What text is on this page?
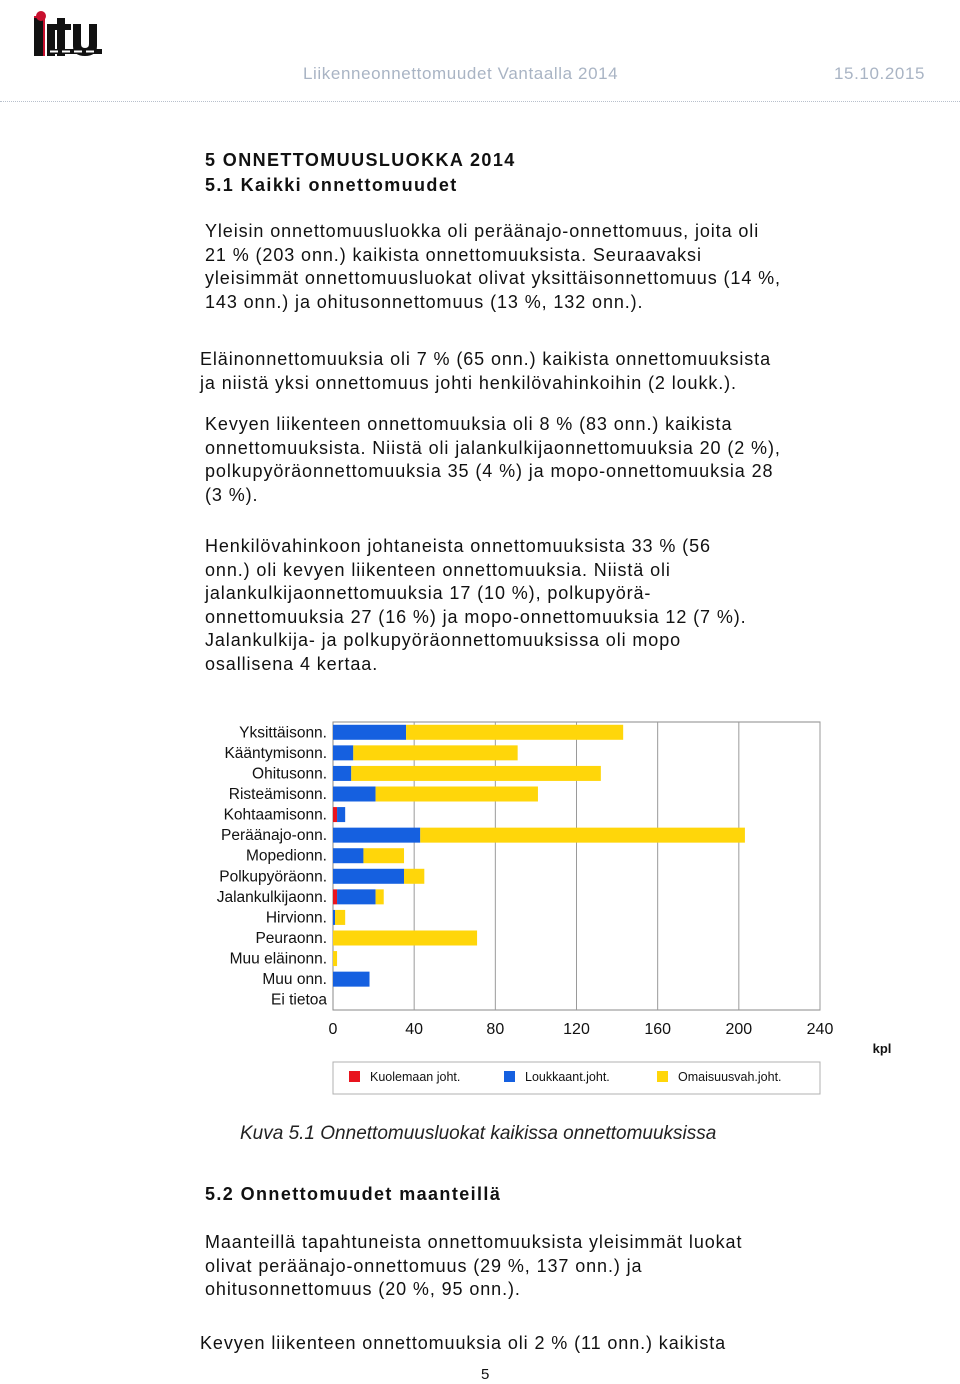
Liikenneonnettomuudet Vantaalla 2014	15.10.2015
5 ONNETTOMUUSLUOKKA 2014
5.1 Kaikki onnettomuudet
Yleisin onnettomuusluokka oli peräänajo-onnettomuus, joita oli
21 % (203 onn.) kaikista onnettomuuksista. Seuraavaksi
yleisimmät onnettomuusluokat olivat yksittäisonnettomuus (14 %,
143 onn.) ja ohitusonnettomuus (13 %, 132 onn.).
Eläinonnettomuuksia oli 7 % (65 onn.) kaikista onnettomuuksista
ja niistä yksi onnettomuus johti henkilövahinkoihin (2 loukk.).
Kevyen liikenteen onnettomuuksia oli 8 % (83 onn.) kaikista
onnettomuuksista. Niistä oli jalankulkijaonnettomuuksia 20 (2 %),
polkupyöräonnettomuuksia 35 (4 %) ja mopo-onnettomuuksia 28
(3 %).
Henkilövahinkoon johtaneista onnettomuuksista 33 % (56
onn.) oli kevyen liikenteen onnettomuuksia. Niistä oli
jalankulkijaonnettomuuksia 17 (10 %), polkupyörä-
onnettomuuksia 27 (16 %) ja mopo-onnettomuuksia 12 (7 %).
Jalankulkija- ja polkupyöräonnettomuuksissa oli mopo
osallisena 4 kertaa.
0	40	80	120	160	200	240
Yksittäisonn.
Kääntymisonn.
Ohitusonn.
Risteämisonn.
Kohtaamisonn.
Peräänajo-onn.
Mopedionn.
Polkupyöräonn.
Jalankulkijaonn.
Hirvionn.
Peuraonn.
Muu eläinonn.
Muu onn.
Ei tietoa
kpl
Kuolemaan joht.	Loukkaant.joht.	Omaisuusvah.joht.
Kuva 5.1 Onnettomuusluokat kaikissa onnettomuuksissa
5.2 Onnettomuudet maanteillä
Maanteillä tapahtuneista onnettomuuksista yleisimmät luokat
olivat peräänajo-onnettomuus (29 %, 137 onn.) ja
ohitusonnettomuus (20 %, 95 onn.).
Kevyen liikenteen onnettomuuksia oli 2 % (11 onn.) kaikista
5
